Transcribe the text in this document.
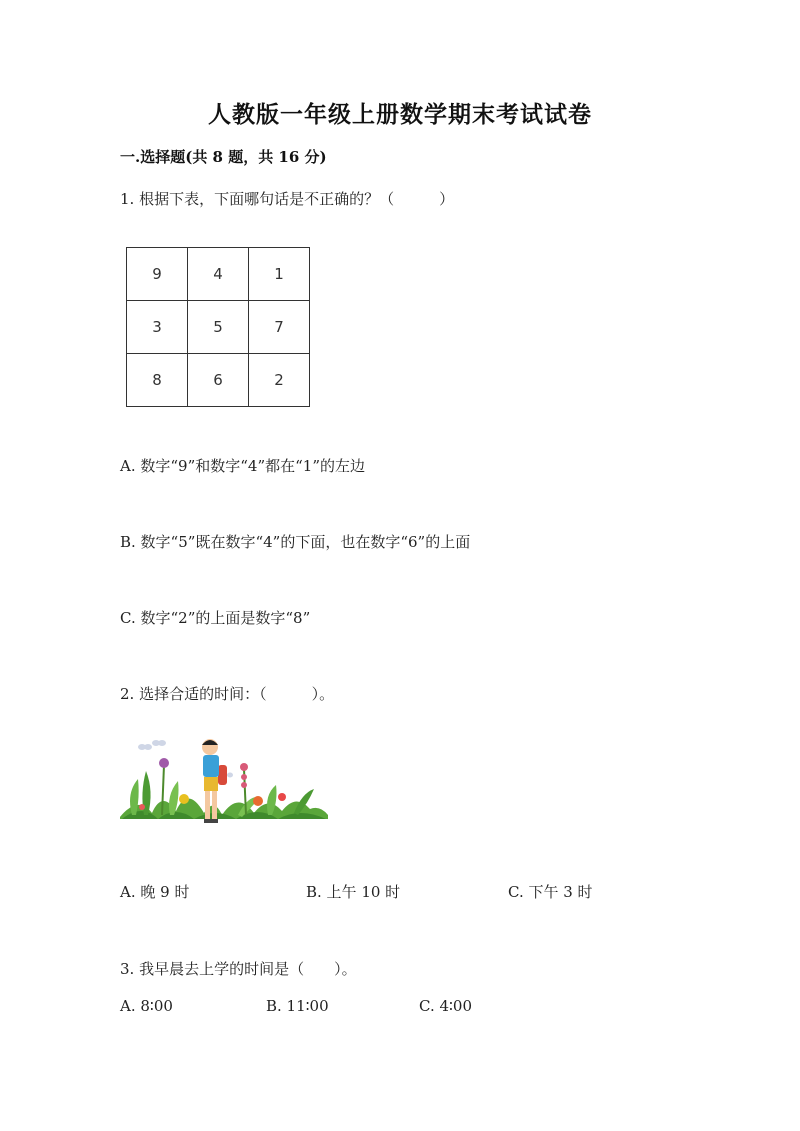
人教版一年级上册数学期末考试试卷
一.选择题(共 8 题，共 16 分)
1. 根据下表，下面哪句话是不正确的？（　　　）
9	4	1
3	5	7
8	6	2
A. 数字“9”和数字“4”都在“1”的左边
B. 数字“5”既在数字“4”的下面，也在数字“6”的上面
C. 数字“2”的上面是数字“8”
2. 选择合适的时间：（　　　）。
A. 晚 9 时	B. 上午 10 时	C. 下午 3 时
3. 我早晨去上学的时间是（　　）。
A. 8∶00	B. 11∶00	C. 4∶00
